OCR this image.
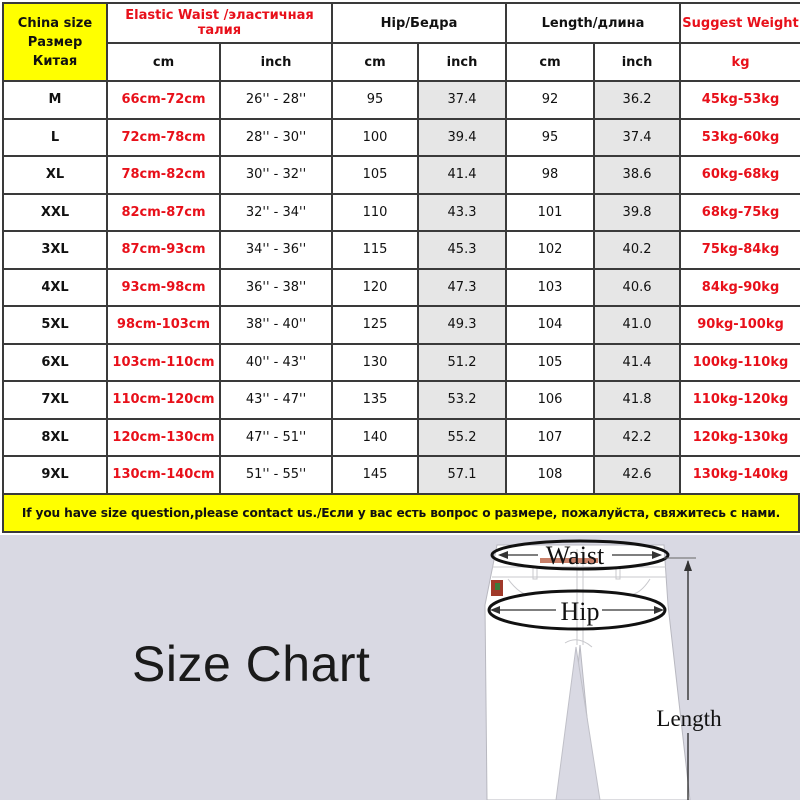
China size
Размер Китая	Elastic Waist /эластичная талия		Hip/Бедра		Length/длина		Suggest Weight
	cm	inch	cm	inch	cm	inch	kg
M	66cm-72cm	26'' - 28''	95	37.4	92	36.2	45kg-53kg
L	72cm-78cm	28'' - 30''	100	39.4	95	37.4	53kg-60kg
XL	78cm-82cm	30'' - 32''	105	41.4	98	38.6	60kg-68kg
XXL	82cm-87cm	32'' - 34''	110	43.3	101	39.8	68kg-75kg
3XL	87cm-93cm	34'' - 36''	115	45.3	102	40.2	75kg-84kg
4XL	93cm-98cm	36'' - 38''	120	47.3	103	40.6	84kg-90kg
5XL	98cm-103cm	38'' - 40''	125	49.3	104	41.0	90kg-100kg
6XL	103cm-110cm	40'' - 43''	130	51.2	105	41.4	100kg-110kg
7XL	110cm-120cm	43'' - 47''	135	53.2	106	41.8	110kg-120kg
8XL	120cm-130cm	47'' - 51''	140	55.2	107	42.2	120kg-130kg
9XL	130cm-140cm	51'' - 55''	145	57.1	108	42.6	130kg-140kg
If you have size question,please contact us./Если у вас есть вопрос о размере, пожалуйста, свяжитесь с нами.
Size Chart
Waist
Hip
Length
